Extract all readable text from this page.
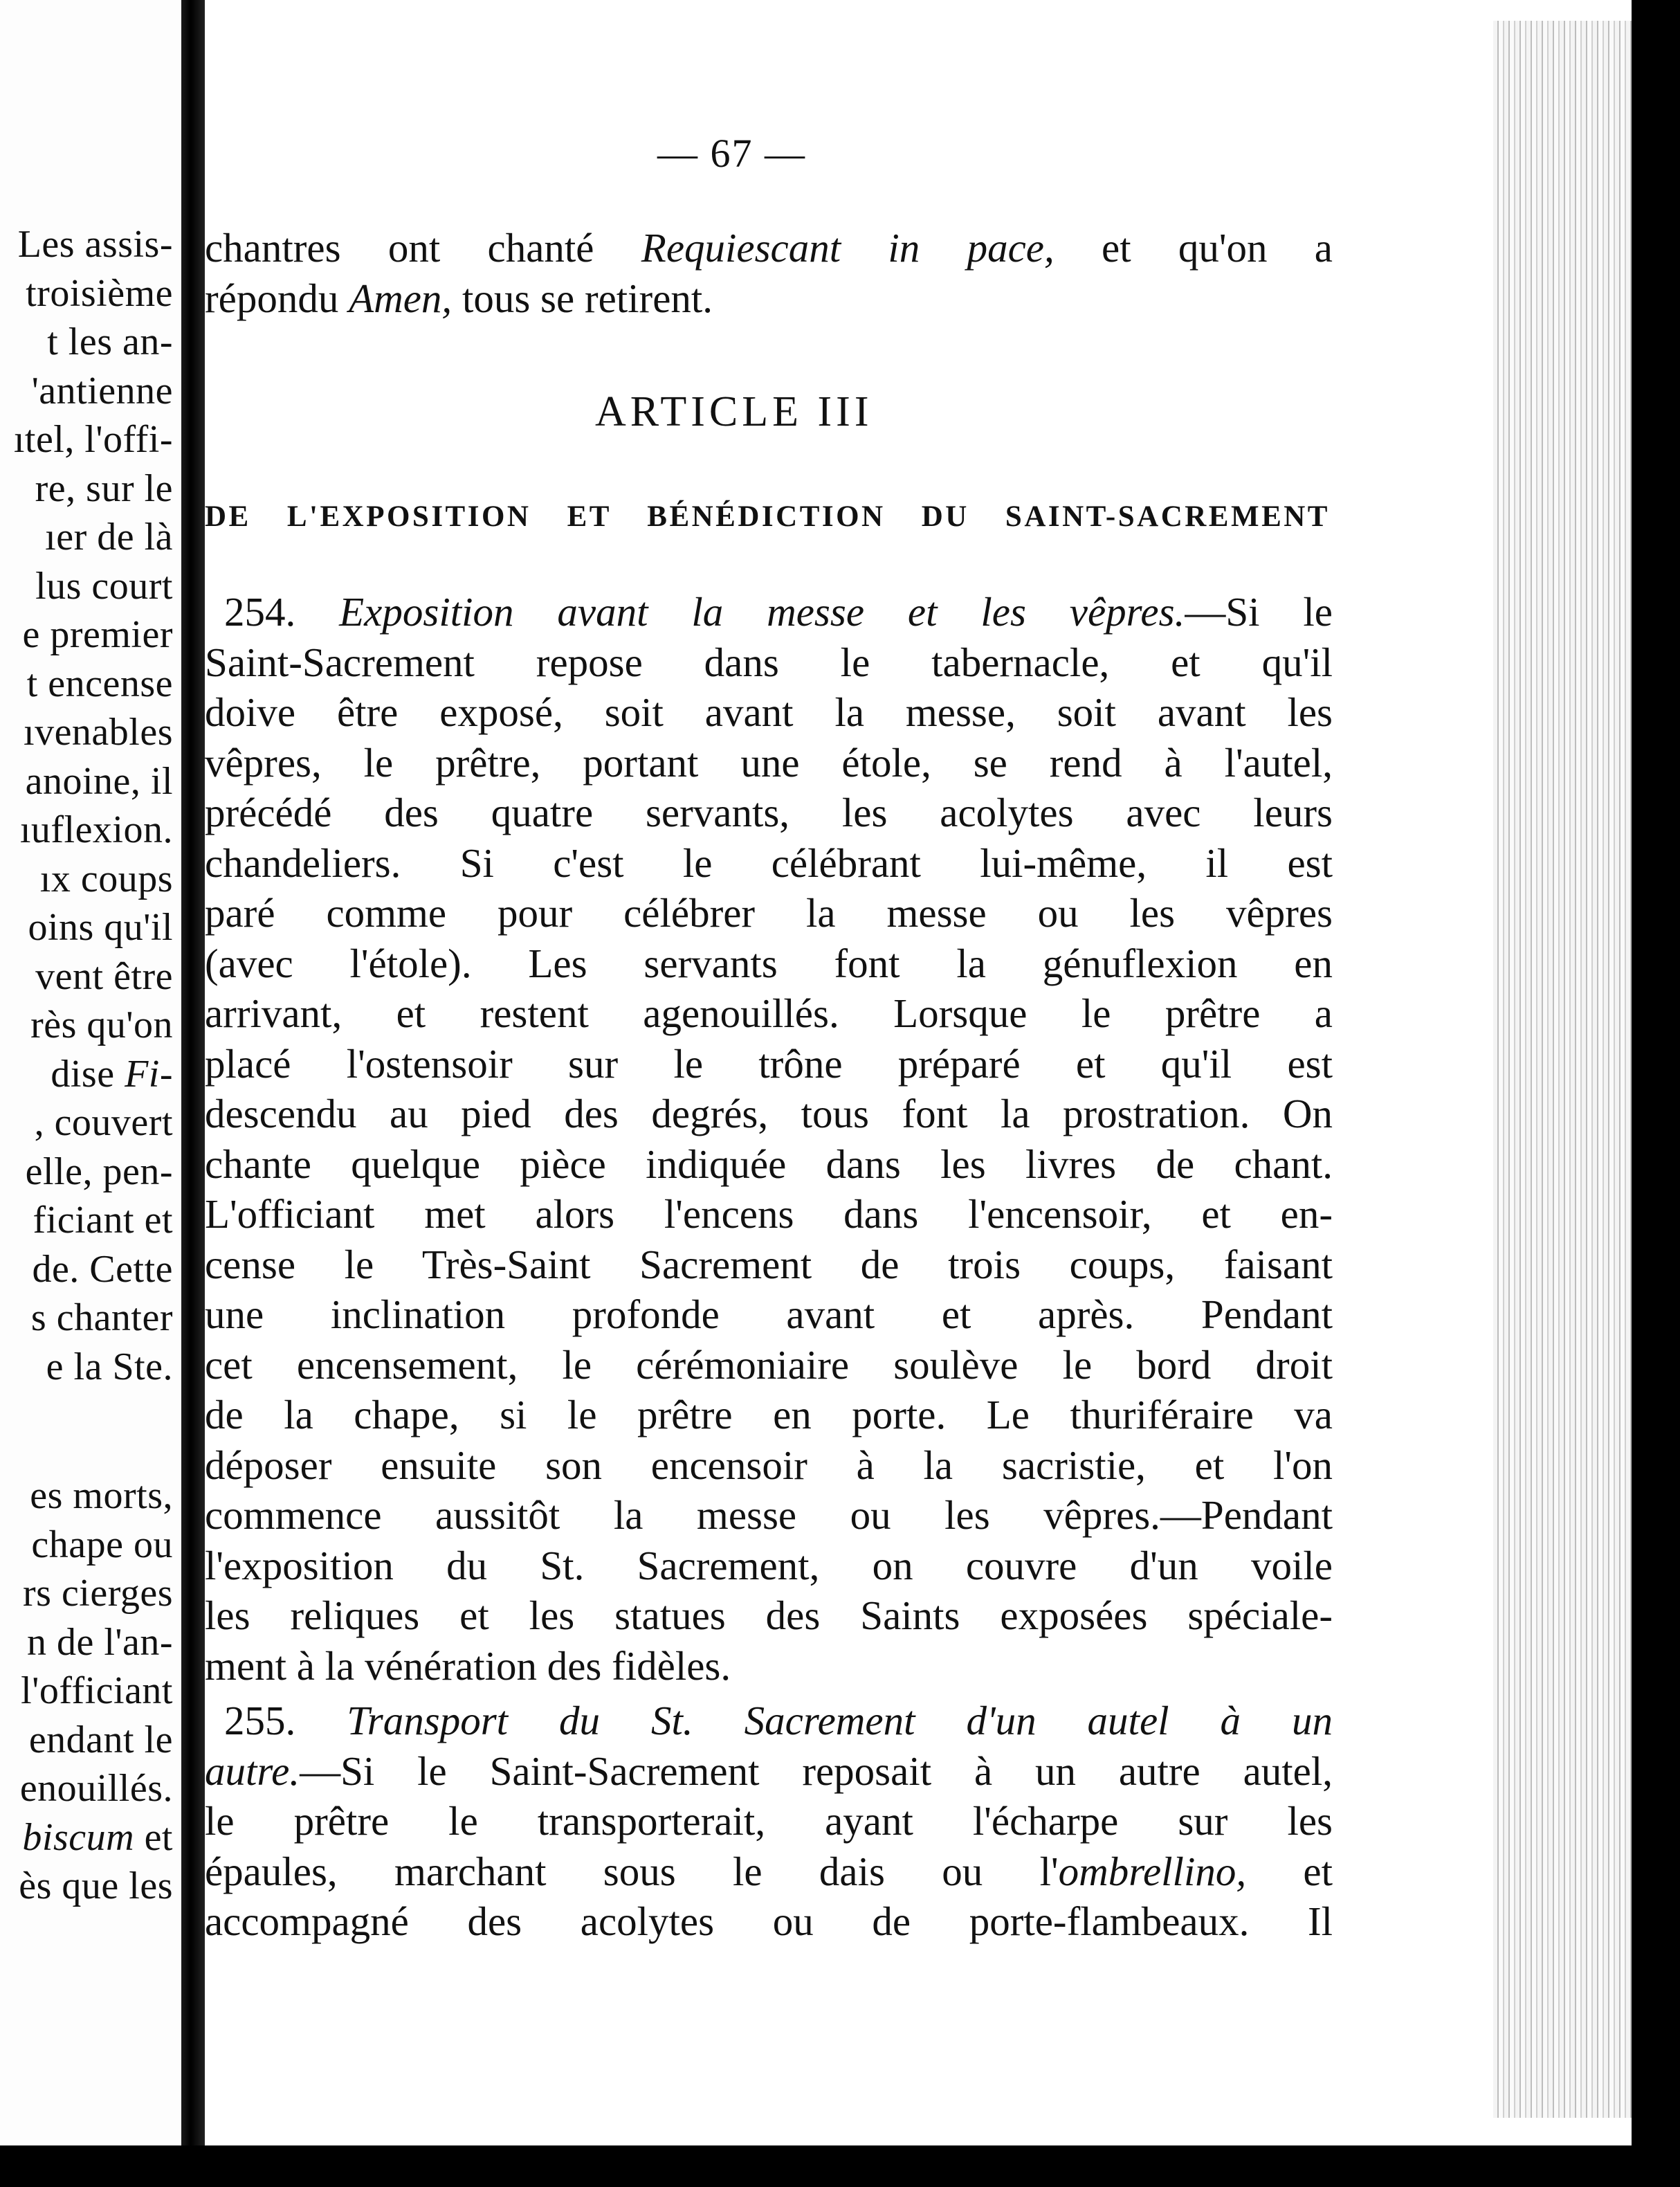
Les assis-
troisième
t les an-
'antienne
ıtel, l'offi-
re, sur le
ıer de là
lus court
e premier
t encense
ıvenables
anoine, il
ıuflexion.
ıx coups
oins qu'il
vent être
rès qu'on
dise Fi-
, couvert
elle, pen-
ficiant et
de. Cette
s chanter
e la Ste.
es morts,
chape ou
rs cierges
n de l'an-
l'officiant
endant le
enouillés.
biscum et
ès que les
— 67 —
chantres ont chanté Requiescant in pace, et qu'on a
répondu Amen, tous se retirent.
ARTICLE III
DE L'EXPOSITION ET BÉNÉDICTION DU SAINT-SACREMENT
254. Exposition avant la messe et les vêpres.—Si le
Saint-Sacrement repose dans le tabernacle, et qu'il
doive être exposé, soit avant la messe, soit avant les
vêpres, le prêtre, portant une étole, se rend à l'autel,
précédé des quatre servants, les acolytes avec leurs
chandeliers. Si c'est le célébrant lui-même, il est
paré comme pour célébrer la messe ou les vêpres
(avec l'étole). Les servants font la génuflexion en
arrivant, et restent agenouillés. Lorsque le prêtre a
placé l'ostensoir sur le trône préparé et qu'il est
descendu au pied des degrés, tous font la prostration. On
chante quelque pièce indiquée dans les livres de chant.
L'officiant met alors l'encens dans l'encensoir, et en-
cense le Très-Saint Sacrement de trois coups, faisant
une inclination profonde avant et après. Pendant
cet encensement, le cérémoniaire soulève le bord droit
de la chape, si le prêtre en porte. Le thuriféraire va
déposer ensuite son encensoir à la sacristie, et l'on
commence aussitôt la messe ou les vêpres.—Pendant
l'exposition du St. Sacrement, on couvre d'un voile
les reliques et les statues des Saints exposées spéciale-
ment à la vénération des fidèles.
255. Transport du St. Sacrement d'un autel à un
autre.—Si le Saint-Sacrement reposait à un autre autel,
le prêtre le transporterait, ayant l'écharpe sur les
épaules, marchant sous le dais ou l'ombrellino, et
accompagné des acolytes ou de porte-flambeaux. Il
